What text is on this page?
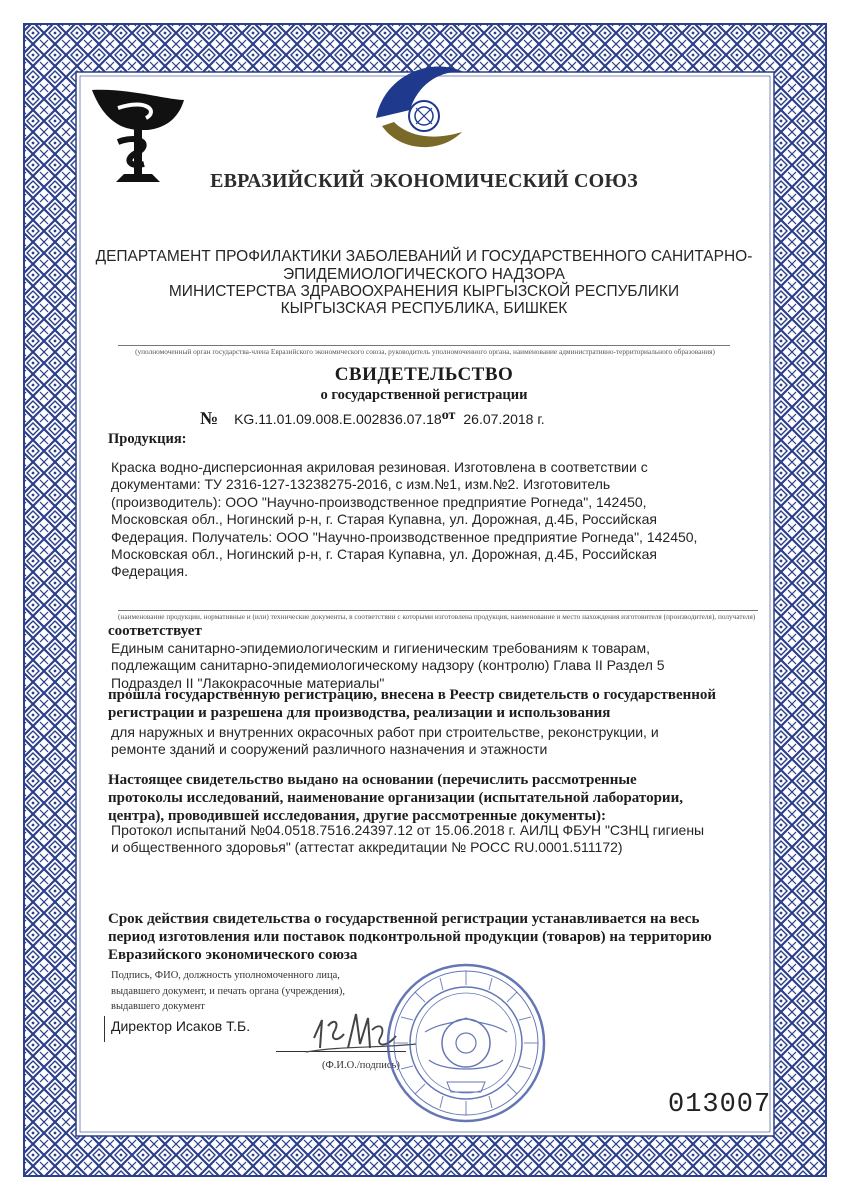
ЕВРАЗИЙСКИЙ ЭКОНОМИЧЕСКИЙ СОЮЗ
ДЕПАРТАМЕНТ ПРОФИЛАКТИКИ ЗАБОЛЕВАНИЙ И ГОСУДАРСТВЕННОГО САНИТАРНО-
ЭПИДЕМИОЛОГИЧЕСКОГО НАДЗОРА
МИНИСТЕРСТВА ЗДРАВООХРАНЕНИЯ КЫРГЫЗСКОЙ РЕСПУБЛИКИ
КЫРГЫЗСКАЯ РЕСПУБЛИКА, БИШКЕК
(уполномоченный орган государства-члена Евразийского экономического союза, руководитель уполномоченного органа, наименование административно-территориального образования)
СВИДЕТЕЛЬСТВО
о государственной регистрации
№ KG.11.01.09.008.E.002836.07.18от 26.07.2018 г.
Продукция:
Краска водно-дисперсионная акриловая резиновая. Изготовлена в соответствии с
документами: ТУ 2316-127-13238275-2016, с изм.№1, изм.№2. Изготовитель
(производитель): ООО "Научно-производственное предприятие Рогнеда", 142450,
Московская обл., Ногинский р-н, г. Старая Купавна, ул. Дорожная, д.4Б, Российская
Федерация. Получатель: ООО "Научно-производственное предприятие Рогнеда", 142450,
Московская обл., Ногинский р-н, г. Старая Купавна, ул. Дорожная, д.4Б, Российская
Федерация.
(наименование продукции, нормативные и (или) технические документы, в соответствии с которыми изготовлена продукция, наименование и место нахождения изготовителя (производителя), получателя)
соответствует
Единым санитарно-эпидемиологическим и гигиеническим требованиям к товарам,
подлежащим санитарно-эпидемиологическому надзору (контролю) Глава II Раздел 5
Подраздел II "Лакокрасочные материалы"
прошла государственную регистрацию, внесена в Реестр свидетельств о государственной
регистрации и разрешена для производства, реализации и использования
для наружных и внутренних окрасочных работ при строительстве, реконструкции, и
ремонте зданий и сооружений различного назначения и этажности
Настоящее свидетельство выдано на основании (перечислить рассмотренные
протоколы исследований, наименование организации (испытательной лаборатории,
центра), проводившей исследования, другие рассмотренные документы):
Протокол испытаний №04.0518.7516.24397.12 от 15.06.2018 г. АИЛЦ ФБУН "СЗНЦ гигиены
и общественного здоровья" (аттестат аккредитации № РОСС RU.0001.511172)
Срок действия свидетельства о государственной регистрации устанавливается на весь
период изготовления или поставок подконтрольной продукции (товаров) на территорию
Евразийского экономического союза
Подпись, ФИО, должность уполномоченного лица,
выдавшего документ, и печать органа (учреждения),
выдавшего документ
Директор Исаков Т.Б.
(Ф.И.О./подпись)
013007
